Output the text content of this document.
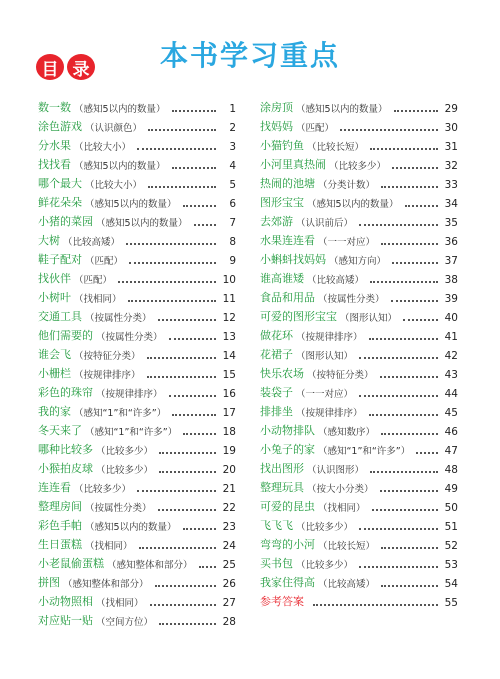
目 录	本书学习重点
数一数 （感知5以内的数量）	1
涂色游戏 （认识颜色）	2
分水果 （比较大小）	3
找找看 （感知5以内的数量）	4
哪个最大 （比较大小）	5
鲜花朵朵 （感知5以内的数量）	6
小猪的菜园 （感知5以内的数量）	7
大树 （比较高矮）	8
鞋子配对 （匹配）	9
找伙伴 （匹配）	10
小树叶 （找相同）	11
交通工具 （按属性分类）	12
他们需要的 （按属性分类）	13
谁会飞 （按特征分类）	14
小栅栏 （按规律排序）	15
彩色的珠帘 （按规律排序）	16
我的家 （感知“1”和“许多”）	17
冬天来了 （感知“1”和“许多”）	18
哪种比较多 （比较多少）	19
小猴拍皮球 （比较多少）	20
连连看 （比较多少）	21
整理房间 （按属性分类）	22
彩色手帕 （感知5以内的数量）	23
生日蛋糕 （找相同）	24
小老鼠偷蛋糕 （感知整体和部分）	25
拼图 （感知整体和部分）	26
小动物照相 （找相同）	27
对应贴一贴 （空间方位）	28
涂房顶 （感知5以内的数量）	29
找妈妈 （匹配）	30
小猫钓鱼 （比较长短）	31
小河里真热闹 （比较多少）	32
热闹的池塘 （分类计数）	33
图形宝宝 （感知5以内的数量）	34
去郊游 （认识前后）	35
水果连连看 （一一对应）	36
小蝌蚪找妈妈 （感知方向）	37
谁高谁矮 （比较高矮）	38
食品和用品 （按属性分类）	39
可爱的图形宝宝 （图形认知）	40
做花环 （按规律排序）	41
花裙子 （图形认知）	42
快乐农场 （按特征分类）	43
装袋子 （一一对应）	44
排排坐 （按规律排序）	45
小动物排队 （感知数序）	46
小兔子的家 （感知“1”和“许多”）	47
找出图形 （认识图形）	48
整理玩具 （按大小分类）	49
可爱的昆虫 （找相同）	50
飞飞飞 （比较多少）	51
弯弯的小河 （比较长短）	52
买书包 （比较多少）	53
我家住得高 （比较高矮）	54
参考答案	55
